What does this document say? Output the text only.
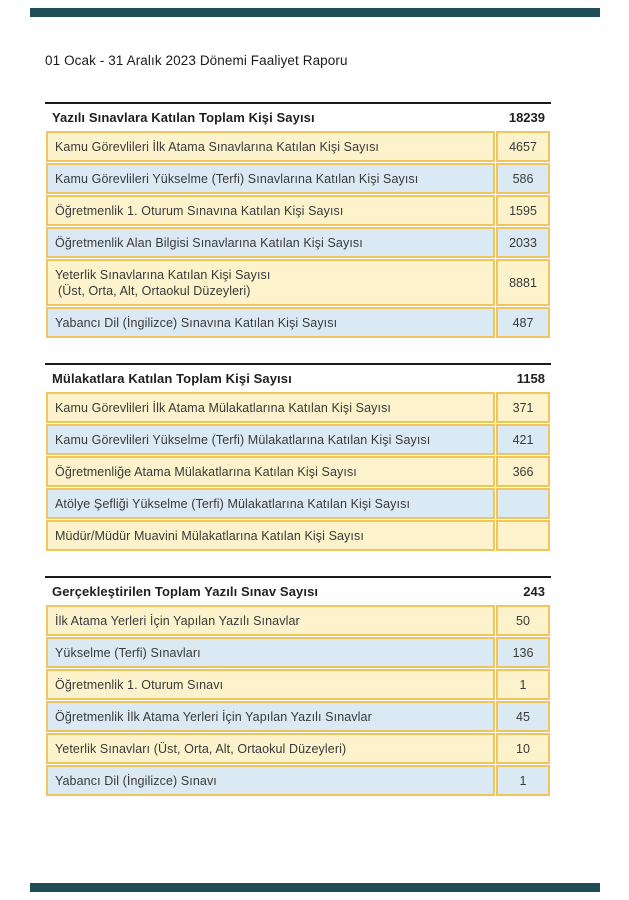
01 Ocak - 31 Aralık 2023 Dönemi Faaliyet Raporu
Yazılı Sınavlara Katılan Toplam Kişi Sayısı	18239
Kamu Görevlileri İlk Atama Sınavlarına Katılan Kişi Sayısı	4657
Kamu Görevlileri Yükselme (Terfi) Sınavlarına Katılan Kişi Sayısı	586
Öğretmenlik 1. Oturum Sınavına Katılan Kişi Sayısı	1595
Öğretmenlik Alan Bilgisi Sınavlarına Katılan Kişi Sayısı	2033

Yeterlik Sınavlarına Katılan Kişi Sayısı
(Üst, Orta, Alt, Ortaokul Düzeyleri)	8881
Yabancı Dil (İngilizce) Sınavına Katılan Kişi Sayısı	487
Mülakatlara Katılan Toplam Kişi Sayısı	1158
Kamu Görevlileri İlk Atama Mülakatlarına Katılan Kişi Sayısı	371
Kamu Görevlileri Yükselme (Terfi) Mülakatlarına Katılan Kişi Sayısı	421
Öğretmenliğe Atama Mülakatlarına Katılan Kişi Sayısı	366
Atölye Şefliği Yükselme (Terfi) Mülakatlarına Katılan Kişi Sayısı	
Müdür/Müdür Muavini Mülakatlarına Katılan Kişi Sayısı	
Gerçekleştirilen Toplam Yazılı Sınav Sayısı	243
İlk Atama Yerleri İçin Yapılan Yazılı Sınavlar	50
Yükselme (Terfi) Sınavları	136
Öğretmenlik 1. Oturum Sınavı	1
Öğretmenlik İlk Atama Yerleri İçin Yapılan Yazılı Sınavlar	45
Yeterlik Sınavları (Üst, Orta, Alt, Ortaokul Düzeyleri)	10
Yabancı Dil (İngilizce) Sınavı	1
